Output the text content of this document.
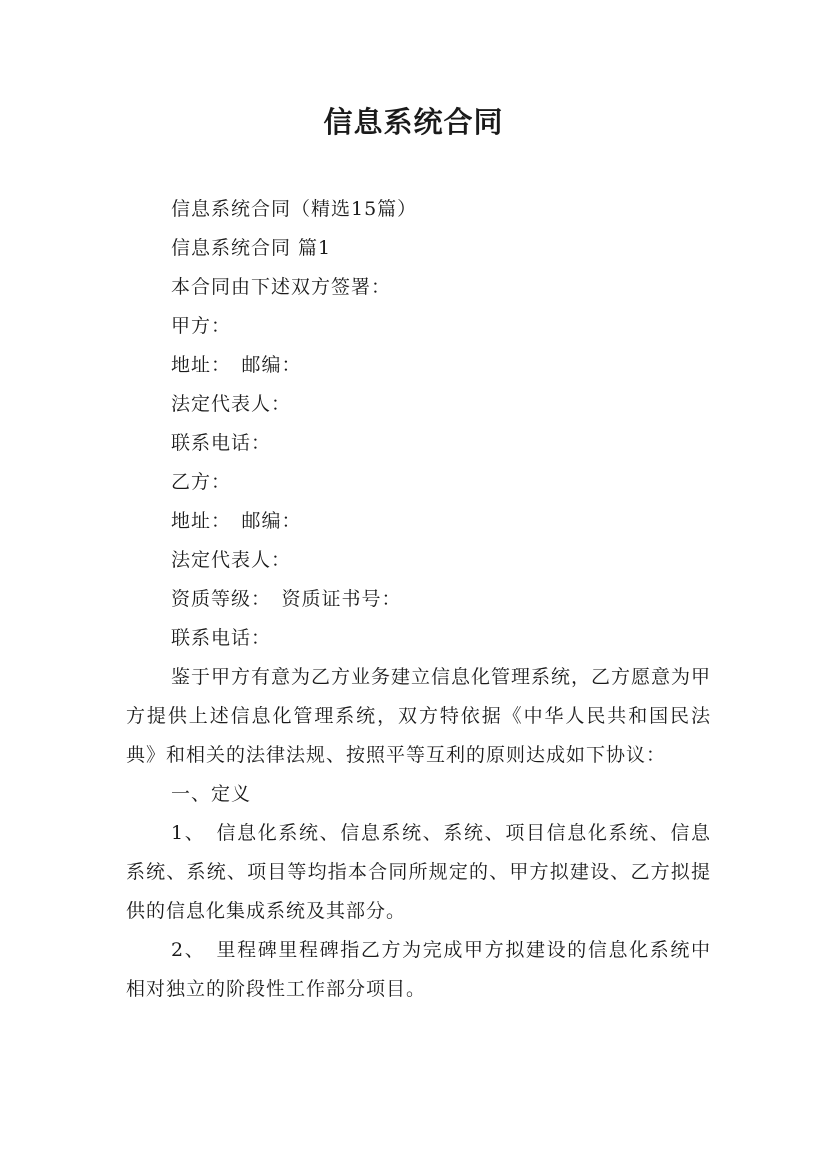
信息系统合同
信息系统合同（精选15篇）
信息系统合同 篇1
本合同由下述双方签署：
甲方：
地址：　邮编：
法定代表人：
联系电话：
乙方：
地址：　邮编：
法定代表人：
资质等级：　资质证书号：
联系电话：

鉴于甲方有意为乙方业务建立信息化管理系统，乙方愿意为甲方提供上述信息化管理系统，双方特依据《中华人民共和国民法典》和相关的法律法规、按照平等互利的原则达成如下协议：

一、定义

1、　信息化系统、信息系统、系统、项目信息化系统、信息系统、系统、项目等均指本合同所规定的、甲方拟建设、乙方拟提供的信息化集成系统及其部分。

2、　里程碑里程碑指乙方为完成甲方拟建设的信息化系统中相对独立的阶段性工作部分项目。
